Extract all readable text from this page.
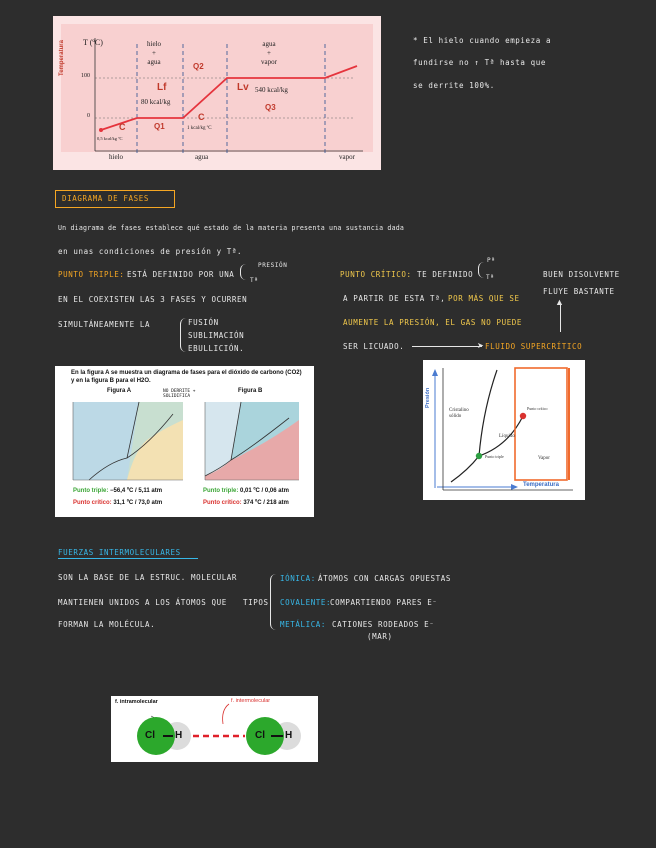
T (ºC)
Temperatura	100
0
hielo
+
agua
agua
+
vapor
Lf
80 kcal/kg
Lv 540 kcal/kg
Q1
Q2
Q3
C
0,5 kcal/kg ºC
C
1 kcal/kg ºC
hielo	agua	vapor
* El hielo cuando empieza a
fundirse no ↑ Tª hasta que
se derrite 100%.
DIAGRAMA DE FASES
Un diagrama de fases establece qué estado de la materia presenta una sustancia dada
en unas condiciones de presión y Tª.
PUNTO TRIPLE: ESTÁ DEFINIDO POR UNA
PRESIÓN
Tª
EN EL COEXISTEN LAS 3 FASES Y OCURREN
SIMULTÁNEAMENTE LA	FUSIÓN
SUBLIMACIÓN
EBULLICIÓN.
PUNTO CRÍTICO: TE DEFINIDO
Pª
Tª
A PARTIR DE ESTA Tª, POR MÁS QUE SE
AUMENTE LA PRESIÓN, EL GAS NO PUEDE
SER LICUADO.	➤ FLUIDO SUPERCRÍTICO
BUEN DISOLVENTE
FLUYE BASTANTE
▲
En la figura A se muestra un diagrama de fases para el dióxido de carbono (CO2) y en la figura B para el H2O.
Figura A	Figura B
NO DERRITE + SOLIDIFICA
Punto triple: −56,4 ºC / 5,11 atm
Punto crítico: 31,1 ºC / 73,0 atm
Punto triple: 0,01 ºC / 0,06 atm
Punto crítico: 374 ºC / 218 atm
Presión
Temperatura
Cristalino sólido
Líquido
Vapor
Punto crítico
Punto triple
FUERZAS INTERMOLECULARES
SON LA BASE DE LA ESTRUC. MOLECULAR
MANTIENEN UNIDOS A LOS ÁTOMOS QUE
FORMAN LA MOLÉCULA.
TIPOS
IÓNICA: ÁTOMOS CON CARGAS OPUESTAS
COVALENTE:
COMPARTIENDO PARES E⁻
METÁLICA: CATIONES RODEADOS E⁻
(MAR)
f. intramolecular	f. intermolecular
Cl H	Cl H
